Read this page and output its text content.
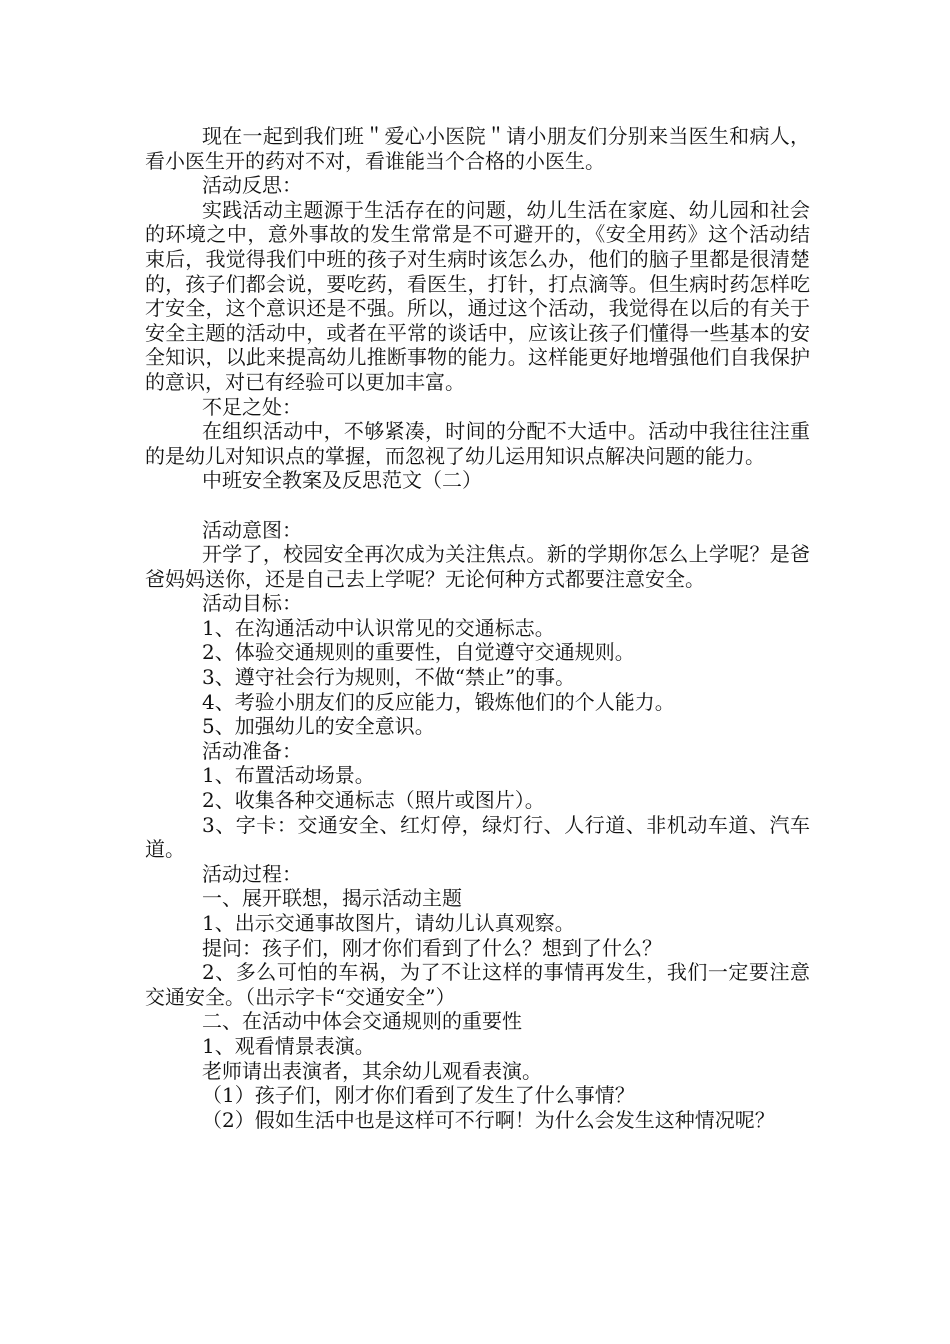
现在一起到我们班＂爱心小医院＂请小朋友们分别来当医生和病人，看小医生开的药对不对，看谁能当个合格的小医生。

活动反思：

实践活动主题源于生活存在的问题，幼儿生活在家庭、幼儿园和社会的环境之中，意外事故的发生常常是不可避开的，《安全用药》这个活动结束后，我觉得我们中班的孩子对生病时该怎么办，他们的脑子里都是很清楚的，孩子们都会说，要吃药，看医生，打针，打点滴等。但生病时药怎样吃才安全，这个意识还是不强。所以，通过这个活动，我觉得在以后的有关于安全主题的活动中，或者在平常的谈话中，应该让孩子们懂得一些基本的安全知识，以此来提高幼儿推断事物的能力。这样能更好地增强他们自我保护的意识，对已有经验可以更加丰富。

不足之处：

在组织活动中，不够紧凑，时间的分配不大适中。活动中我往往注重的是幼儿对知识点的掌握，而忽视了幼儿运用知识点解决问题的能力。

中班安全教案及反思范文（二）

活动意图：

开学了，校园安全再次成为关注焦点。新的学期你怎么上学呢？是爸爸妈妈送你，还是自己去上学呢？无论何种方式都要注意安全。

活动目标：

1、在沟通活动中认识常见的交通标志。

2、体验交通规则的重要性，自觉遵守交通规则。

3、遵守社会行为规则，不做“禁止”的事。

4、考验小朋友们的反应能力，锻炼他们的个人能力。

5、加强幼儿的安全意识。

活动准备：

1、布置活动场景。

2、收集各种交通标志（照片或图片）。

3、字卡：交通安全、红灯停，绿灯行、人行道、非机动车道、汽车道。

活动过程：

一、展开联想，揭示活动主题

1、出示交通事故图片，请幼儿认真观察。

提问：孩子们，刚才你们看到了什么？想到了什么？

2、多么可怕的车祸，为了不让这样的事情再发生，我们一定要注意交通安全。（出示字卡“交通安全”）

二、在活动中体会交通规则的重要性

1、观看情景表演。

老师请出表演者，其余幼儿观看表演。

（1）孩子们，刚才你们看到了发生了什么事情？

（2）假如生活中也是这样可不行啊！为什么会发生这种情况呢？
